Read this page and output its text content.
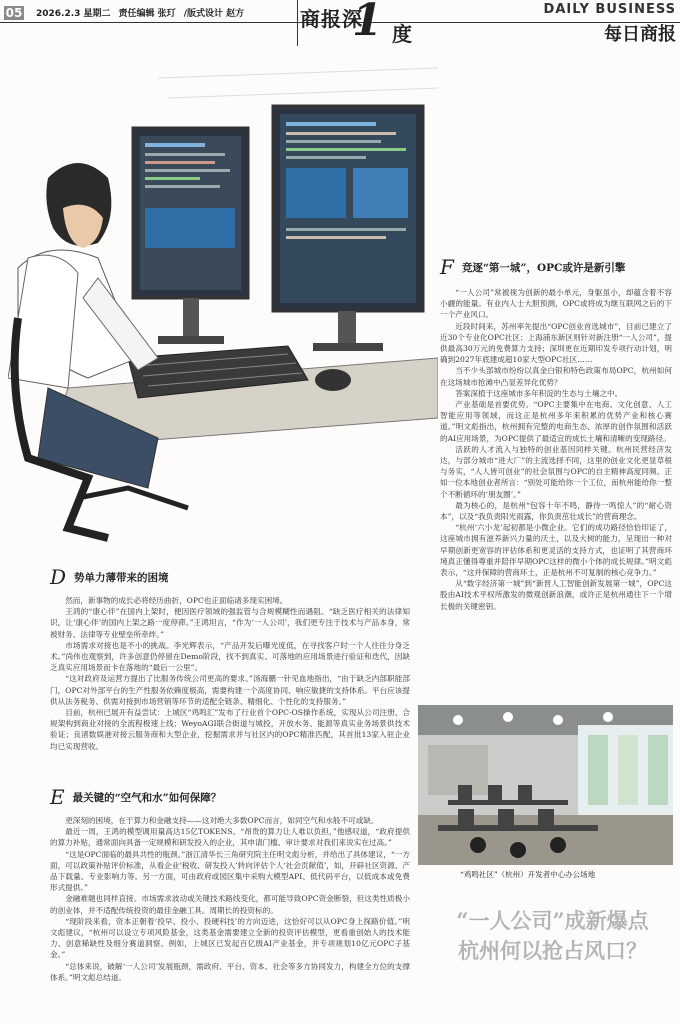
05 2026.2.3 星期二 责任编辑 张玎 /版式设计 赵方	商报深
1 度
DAILY BUSINESS
每日商报
F 竞逐“第一城”，OPC或许是新引擎

“一人公司”常被视为创新的最小单元，身躯虽小，却蕴含着不容小觑的能量。有业内人士大胆预测，OPC或将成为继互联网之后的下一个产业风口。

近段时间来，苏州率先提出“OPC创业首选城市”，目前已建立了近30个专业化OPC社区；上海浦东新区则针对新注册“一人公司”，提供最高30万元的免费算力支持；深圳更在近期印发专项行动计划，明确到2027年底建成超10家大型OPC社区……

当不少头部城市纷纷以真金白银和特色政策布局OPC，杭州如何在这场城市抢滩中凸显差异化优势？

答案深植于这座城市多年积淀的生态与土壤之中。

产业基础是首要优势。“OPC主要集中在电商、文化创意、人工智能应用等领域，而这正是杭州多年来积累的优势产业和核心赛道。”明文彪指出，杭州拥有完整的电商生态、浓厚的创作氛围和活跃的AI应用场景，为OPC提供了最适宜的成长土壤和清晰的变现路径。

活跃的人才流入与独特的创业基因同样关键。杭州民营经济发达，与部分城市“进大厂”的主流选择不同，这里的创业文化更显草根与务实，“人人皆可创业”的社会氛围与OPC的自主精神高度同频。正如一位本地创业者所言：“别处可能给你一个工位，而杭州能给你一整个不断循环的‘朋友圈’。”

最为核心的，是杭州“包容十年不鸣，静待一鸣惊人”的“耐心资本”，以及“我负责阳光雨露，你负责茁壮成长”的营商理念。

“杭州‘六小龙’起初都是小微企业。它们的成功路径恰恰印证了，这座城市拥有滋养新兴力量的沃土，以及大树的能力，呈现出一种对早期创新更宽容的评估体系和更灵活的支持方式，也证明了其营商环境真正懂得尊重并陪伴早期OPC这样的微小个体的成长规律。”明文彪表示，“这并保障的营商环土，正是杭州不可复制的核心竞争力。”

从“数字经济第一城”到“新晋人工智能创新发展第一城”，OPC这股由AI技术平权所激发的微观创新浪潮，或许正是杭州通往下一个增长极的关键密钥。

D 势单力薄带来的困境

然而，新事物的成长必将经历曲折，OPC也正面临诸多现实困境。

王鸿的“康心伴”在国内上架时，便因医疗领域的强监管与合规模糊性而遇阻。“缺乏医疗相关的法律知识，让‘康心伴’的国内上架之路一度停滞。”王鸿坦言，“作为‘一人公司’，我们更专注于技术与产品本身，常被财务、法律等专业壁垒所牵绊。”

市场需求对接也是不小的挑战。李光辉表示，“产品开发后曝光度低，在寻找客户时一个人往往分身乏术。”尚伟也观察到，许多创意仍停留在Demo阶段，找不到真实、可落地的应用场景进行验证和迭代，因缺乏真实应用场景而卡在落地的“最后一公里”。

“这对政府及运营方提出了比服务传统公司更高的要求。”汤海鹏一针见血地指出，“由于缺乏内部职能部门，OPC对外部平台的生产性服务依赖度极高，需要构建一个高度协同、响应敏捷的支持体系。平台应该提供从法务税务、供需对接到市场营销等环节的适配全链条、精细化、个性化的支持服务。”

目前，杭州已展开有益尝试：上城区“鸡鸣汇”发布了行业首个OPC-OS操作系统，实现从公司注册、合规架构到商业对接的全流程极速上线；WeyoAGI联合街道与城投，开放水务、能源等真实业务场景供技术验证；良渚数娱港对接云服务商和大型企业，挖掘需求并与社区内的OPC精准匹配，其首批13家入驻企业均已实现营收。

E 最关键的“空气和水”如何保障？

更深刻的困境，在于算力和金融支持——这对绝大多数OPC而言，如同空气和水般不可或缺。

最近一周，王鸿的模型调用量高达15亿TOKENS。“昂贵的算力让人难以负担，”他感叹道，“政府提供的算力补贴，通常面向具备一定规模和研发投入的企业，其申请门槛、审计要求对我们来说实在过高。”

“这是OPC面临的最具共性的瓶颈。”浙江清华长三角研究院主任明文彪分析，并给出了具体建议，“一方面，可以政策补贴评价标准，从看企业‘税收、研发投入’转向评估个人‘社会贡献值’，如，开辟社区资源、产品下载量、专业影响力等。另一方面，可由政府或园区集中采购大模型API、低代码平台，以低成本或免费形式提供。”

金融难题也同样直接。市场需求波动或关键技术路线变化，都可能导致OPC资金断裂，但这类性质极小的创业体，并不适配传统投资的最佳金融工具。周期长的投资标的。

“现阶段来看，资本正朝着‘投早、投小、投硬科技’的方向迈进，这恰好可以从OPC身上探路价值。”明文彪建议，“杭州可以设立专项风险基金，这类基金需要建立全新的投资评估模型，更看重创始人的技术能力、创意稀缺性及细分赛道洞察。例如，上城区已发起百亿级AI产业基金，并专项规划10亿元OPC子基金。”

“总体来说，破解‘一人公司’发展瓶颈，需政府、平台、资本、社会等多方协同发力，构建全方位的支撑体系。”明文彪总结道。

“鸡鸣社区”（杭州）开发者中心办公场地
“一人公司”成新爆点
杭州何以抢占风口？
